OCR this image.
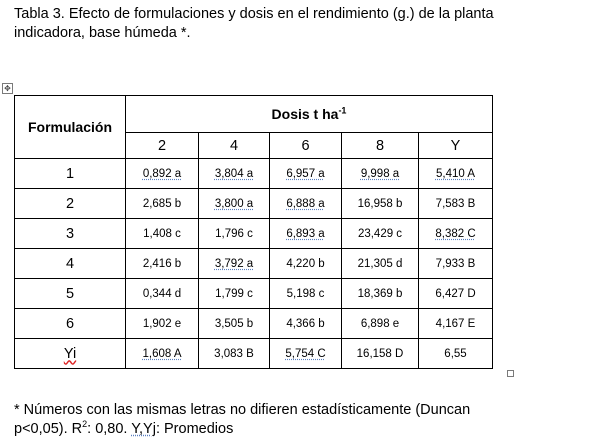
Tabla 3. Efecto de formulaciones y dosis en el rendimiento (g.) de la planta
indicadora, base húmeda *.
✥
Formulación	Dosis t $ha^{-1}$
	2	4	6	8	Y
1	0,892 a	3,804 a	6,957 a	9,998 a	5,410 A
2	2,685 b	3,800 a	6,888 a	16,958 b	7,583 B
3	1,408 c	1,796 c	6,893 a	23,429 c	8,382 C
4	2,416 b	3,792 a	4,220 b	21,305 d	7,933 B
5	0,344 d	1,799 c	5,198 c	18,369 b	6,427 D
6	1,902 e	3,505 b	4,366 b	6,898 e	4,167 E
Yi	1,608 A	3,083 B	5,754 C	16,158 D	6,55
* Números con las mismas letras no difieren estadísticamente (Duncan
p<0,05). $R^2$: 0,80. Y,Yj: Promedios
